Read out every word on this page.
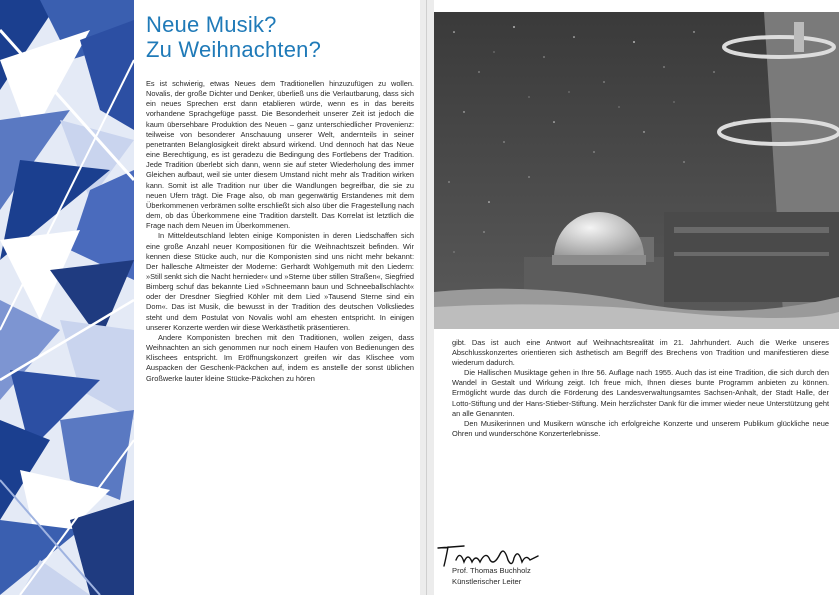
Neue Musik?
Zu Weihnachten?

Es ist schwierig, etwas Neues dem Traditionellen hinzuzufügen zu wollen. Novalis, der große Dichter und Denker, überließ uns die Verlautbarung, dass sich ein neues Sprechen erst dann etablieren würde, wenn es in das bereits vorhandene Sprachgefüge passt. Die Besonderheit unserer Zeit ist jedoch die kaum übersehbare Produktion des Neuen – ganz unterschiedlicher Provenienz: teilweise von besonderer Anschauung unserer Welt, andernteils in seiner penetranten Belanglosigkeit direkt absurd wirkend. Und dennoch hat das Neue eine Berechtigung, es ist geradezu die Bedingung des Fortlebens der Tradition. Jede Tradition überlebt sich dann, wenn sie auf steter Wiederholung des immer Gleichen aufbaut, weil sie unter diesem Umstand nicht mehr als Tradition wirken kann. Somit ist alle Tradition nur über die Wandlungen begreifbar, die sie zu neuen Ufern trägt. Die Frage also, ob man gegenwärtig Erstandenes mit dem Überkommenen verbrämen sollte erschließt sich also über die Fragestellung nach dem, ob das Überkommene eine Tradition darstellt. Das Korrelat ist letztlich die Frage nach dem Neuen im Überkommenen.

In Mitteldeutschland lebten einige Komponisten in deren Liedschaffen sich eine große Anzahl neuer Kompositionen für die Weihnachtszeit befinden. Wir kennen diese Stücke auch, nur die Komponisten sind uns nicht mehr bekannt: Der hallesche Altmeister der Moderne: Gerhardt Wohlgemuth mit den Liedern: »Still senkt sich die Nacht hernieder« und »Sterne über stillen Straßen«, Siegfried Bimberg schuf das bekannte Lied »Schneemann baun und Schneeballschlacht« oder der Dresdner Siegfried Köhler mit dem Lied »Tausend Sterne sind ein Dom«. Das ist Musik, die bewusst in der Tradition des deutschen Volksliedes steht und dem Postulat von Novalis wohl am ehesten entspricht. In einigen unserer Konzerte werden wir diese Werkästhetik präsentieren.

Andere Komponisten brechen mit den Traditionen, wollen zeigen, dass Weihnachten an sich genommen nur noch einem Haufen von Bedienungen des Klischees entspricht. Im Eröffnungskonzert greifen wir das Klischee vom Auspacken der Geschenk-Päckchen auf, indem es anstelle der sonst üblichen Großwerke lauter kleine Stücke-Päckchen zu hören

gibt. Das ist auch eine Antwort auf Weihnachtsrealität im 21. Jahrhundert. Auch die Werke unseres Abschlusskonzertes orientieren sich ästhetisch am Begriff des Brechens von Tradition und manifestieren diese wiederum dadurch.

Die Hallischen Musiktage gehen in Ihre 56. Auflage nach 1955. Auch das ist eine Tradition, die sich durch den Wandel in Gestalt und Wirkung zeigt. Ich freue mich, Ihnen dieses bunte Programm anbieten zu können. Ermöglicht wurde das durch die Förderung des Landesverwaltungsamtes Sachsen-Anhalt, der Stadt Halle, der Lotto-Stiftung und der Hans-Stieber-Stiftung. Mein herzlichster Dank für die immer wieder neue Unterstützung geht an alle Genannten.

Den Musikerinnen und Musikern wünsche ich erfolgreiche Konzerte und unserem Publikum glückliche neue Ohren und wunderschöne Konzerterlebnisse.

Prof. Thomas Buchholz
Künstlerischer Leiter
